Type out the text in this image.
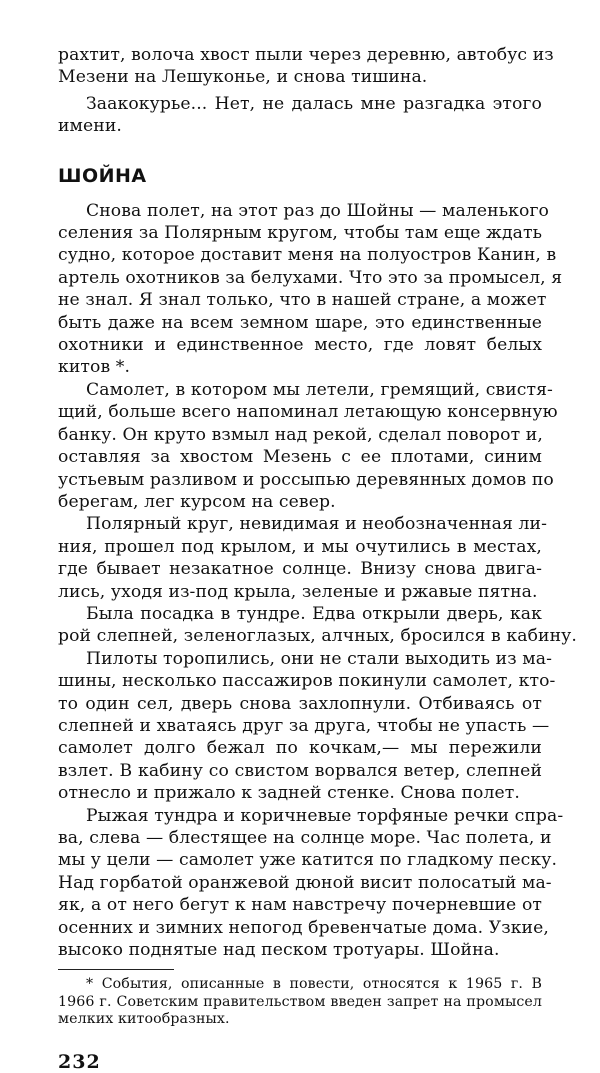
рахтит, волоча хвост пыли через деревню, автобус из
Мезени на Лешуконье, и снова тишина.
Заакокурье... Нет, не далась мне разгадка этого
имени.
ШОЙНА
Снова полет, на этот раз до Шойны — маленького
селения за Полярным кругом, чтобы там еще ждать
судно, которое доставит меня на полуостров Канин, в
артель охотников за белухами. Что это за промысел, я
не знал. Я знал только, что в нашей стране, а может
быть даже на всем земном шаре, это единственные
охотники и единственное место, где ловят белых
китов *.
Самолет, в котором мы летели, гремящий, свистя-
щий, больше всего напоминал летающую консервную
банку. Он круто взмыл над рекой, сделал поворот и,
оставляя за хвостом Мезень с ее плотами, синим
устьевым разливом и россыпью деревянных домов по
берегам, лег курсом на север.
Полярный круг, невидимая и необозначенная ли-
ния, прошел под крылом, и мы очутились в местах,
где бывает незакатное солнце. Внизу снова двига-
лись, уходя из-под крыла, зеленые и ржавые пятна.
Была посадка в тундре. Едва открыли дверь, как
рой слепней, зеленоглазых, алчных, бросился в кабину.
Пилоты торопились, они не стали выходить из ма-
шины, несколько пассажиров покинули самолет, кто-
то один сел, дверь снова захлопнули. Отбиваясь от
слепней и хватаясь друг за друга, чтобы не упасть —
самолет долго бежал по кочкам,— мы пережили
взлет. В кабину со свистом ворвался ветер, слепней
отнесло и прижало к задней стенке. Снова полет.
Рыжая тундра и коричневые торфяные речки спра-
ва, слева — блестящее на солнце море. Час полета, и
мы у цели — самолет уже катится по гладкому песку.
Над горбатой оранжевой дюной висит полосатый ма-
як, а от него бегут к нам навстречу почерневшие от
осенних и зимних непогод бревенчатые дома. Узкие,
высоко поднятые над песком тротуары. Шойна.
* События, описанные в повести, относятся к 1965 г. В
1966 г. Советским правительством введен запрет на промысел
мелких китообразных.
232
